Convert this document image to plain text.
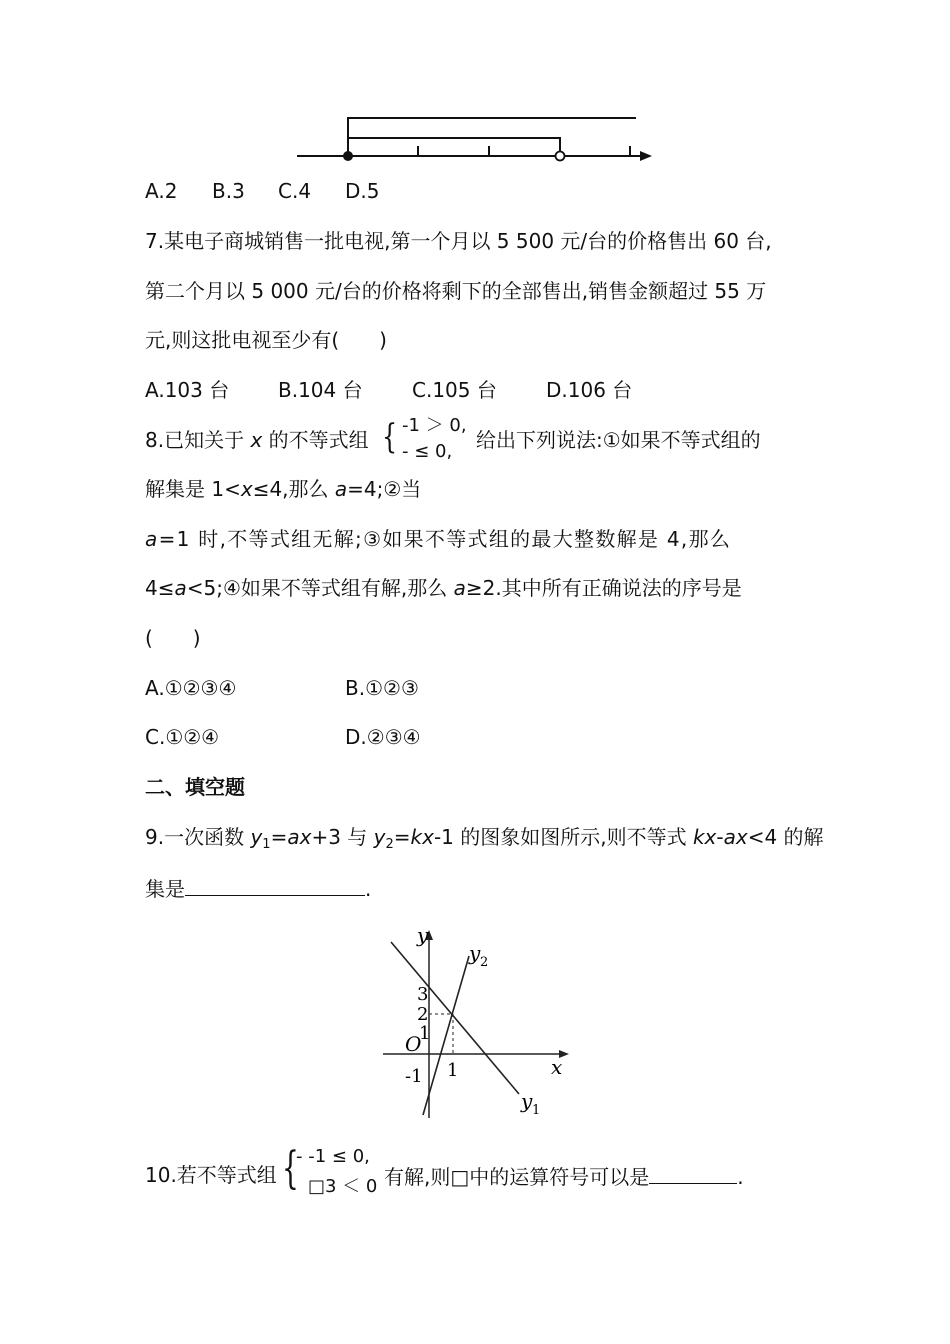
A.2 B.3 C.4 D.5
7.某电子商城销售一批电视,第一个月以 5 500 元/台的价格售出 60 台,
第二个月以 5 000 元/台的价格将剩下的全部售出,销售金额超过 55 万
元,则这批电视至少有(　　)
A.103 台 B.104 台 C.105 台 D.106 台
8.已知关于 x 的不等式组 { -1 ＞ 0,
- ≤ 0, 给出下列说法:①如果不等式组的
解集是 1<x≤4,那么 a=4;②当
a=1 时,不等式组无解;③如果不等式组的最大整数解是 4,那么
4≤a<5;④如果不等式组有解,那么 a≥2.其中所有正确说法的序号是
(　　)
A.①②③④	B.①②③
C.①②④	D.②③④
二、填空题
9.一次函数 $y_1=ax+3$ 与 $y_2=kx-1$ 的图象如图所示,则不等式 kx-ax<4 的解
集是	.
y
x
O
y 2
y 1
3
2
1
-1 1
10.若不等式组 {
- -1 ≤ 0,
□3 ＜ 0 有解,则□中的运算符号可以是	.
